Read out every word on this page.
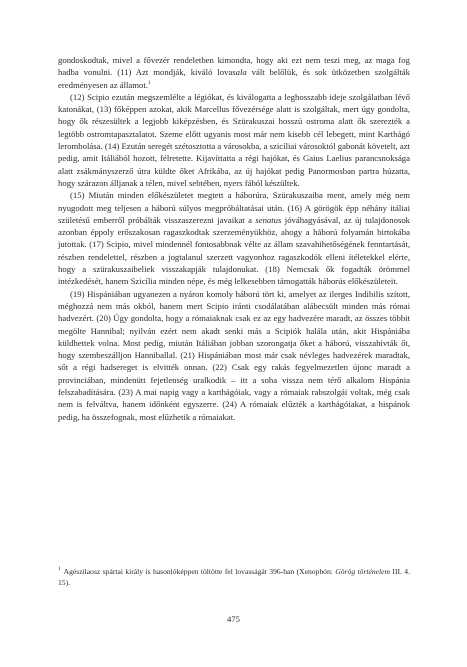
gondoskodtak, mivel a fővezér rendeletben kimondta, hogy aki ezt nem teszi meg, az maga fog hadba vonulni. (11) Azt mondják, kiváló lovasala vált belőlük, és sok ütközetben szolgálták eredményesen az államot.$^1$

(12) Scipio ezután megszemlélte a légiókat, és kiválogatta a leghosszabb ideje szolgálatban lévő katonákat, (13) főképpen azokat, akik Marcellus fővezérsége alatt is szolgáltak, mert úgy gondolta, hogy ők részesültek a legjobb kiképzésben, és Szürakuszai hosszú ostroma alatt ők szerezték a legtöbb ostromtapasztalatot. Szeme előtt ugyanis most már nem kisebb cél lebegett, mint Karthágó lerombolása. (14) Ezután seregét szétosztotta a városokba, a szicíliai városoktól gabonát követelt, azt pedig, amit Itáliából hozott, félretette. Kijavíttatta a régi hajókat, és Gaius Laelius parancsnoksága alatt zsákmányszerző útra küldte őket Afrikába, az új hajókat pedig Panormosban partra húzatta, hogy szárazon álljanak a télen, mivel sebtében, nyers fából készültek.

(15) Miután minden előkészületet megtett a háborúra, Szürakuszaiba ment, amely még nem nyugodott meg teljesen a háború súlyos megpróbáltatásai után. (16) A görögök épp néhány itáliai születésű emberről próbálták visszaszerezni javaikat a senatus jóváhagyásával, az új tulajdonosok azonban éppoly erőszakosan ragaszkodtak szerzeményükhöz, ahogy a háború folyamán birtokába jutottak. (17) Scipio, mivel mindennél fontosabbnak vélte az állam szavahihetőségének fenntartását, részben rendelettel, részben a jogtalanul szerzett vagyonhoz ragaszkodók elleni ítéletekkel elérte, hogy a szürakuszaibeliek visszakapják tulajdonukat. (18) Nemcsak ők fogadták örömmel intézkedését, hanem Szicília minden népe, és még lelkesebben támogatták háborús előkészületeit.

(19) Hispániában ugyanezen a nyáron komoly háború tört ki, amelyet az ilerges Indibilis szított, méghozzá nem más okból, hanem mert Scipio iránti csodálatában alábecsült minden más római hadvezért. (20) Úgy gondolta, hogy a rómaiaknak csak ez az egy hadvezére maradt, az összes többit megölte Hannibal; nyilván ezért nem akadt senki más a Scipiók halála után, akit Hispániába küldhettek volna. Most pedig, miután Itáliában jobban szorongatja őket a háború, visszahívták őt, hogy szembeszálljon Hanniballal. (21) Hispániában most már csak névleges hadvezérek maradtak, sőt a régi hadsereget is elvitték onnan. (22) Csak egy rakás fegyelmezetlen újonc maradt a provinciában, mindenütt fejetlenség uralkodik – itt a soha vissza nem térő alkalom Hispánia felszabadítására. (23) A mai napig vagy a karthágóiak, vagy a rómaiak rabszolgái voltak, még csak nem is felváltva, hanem időnként egyszerre. (24) A rómaiak elűzték a karthágóiakat, a hispánok pedig, ha összefognak, most elűzhetik a rómaiakat.

$^1$ Agészilaosz spártai király is hasonlóképpen töltötte fel lovasságát 396-ban (Xenophón: Görög történelem III. 4. 15).
475
